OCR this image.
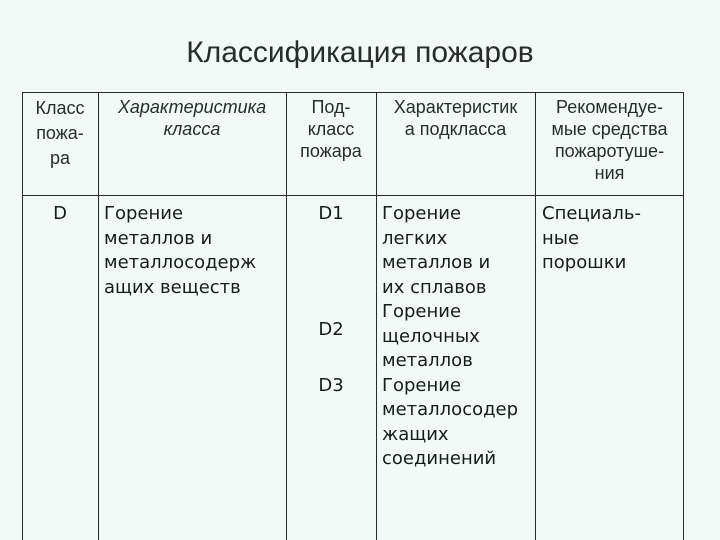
Классификация пожаров
Класс
пожа-
ра
Характеристика
класса
Под-
класс
пожара
Характеристик
а подкласса
Рекомендуе-
мые средства
пожаротуше-
ния
D	Горение
металлов и
металлосодерж
ащих веществ
D1
D2
D3
Горение
легких
металлов и
их сплавов
Горение
щелочных
металлов
Горение
металлосодер
жащих
соединений
Специаль-
ные
порошки
